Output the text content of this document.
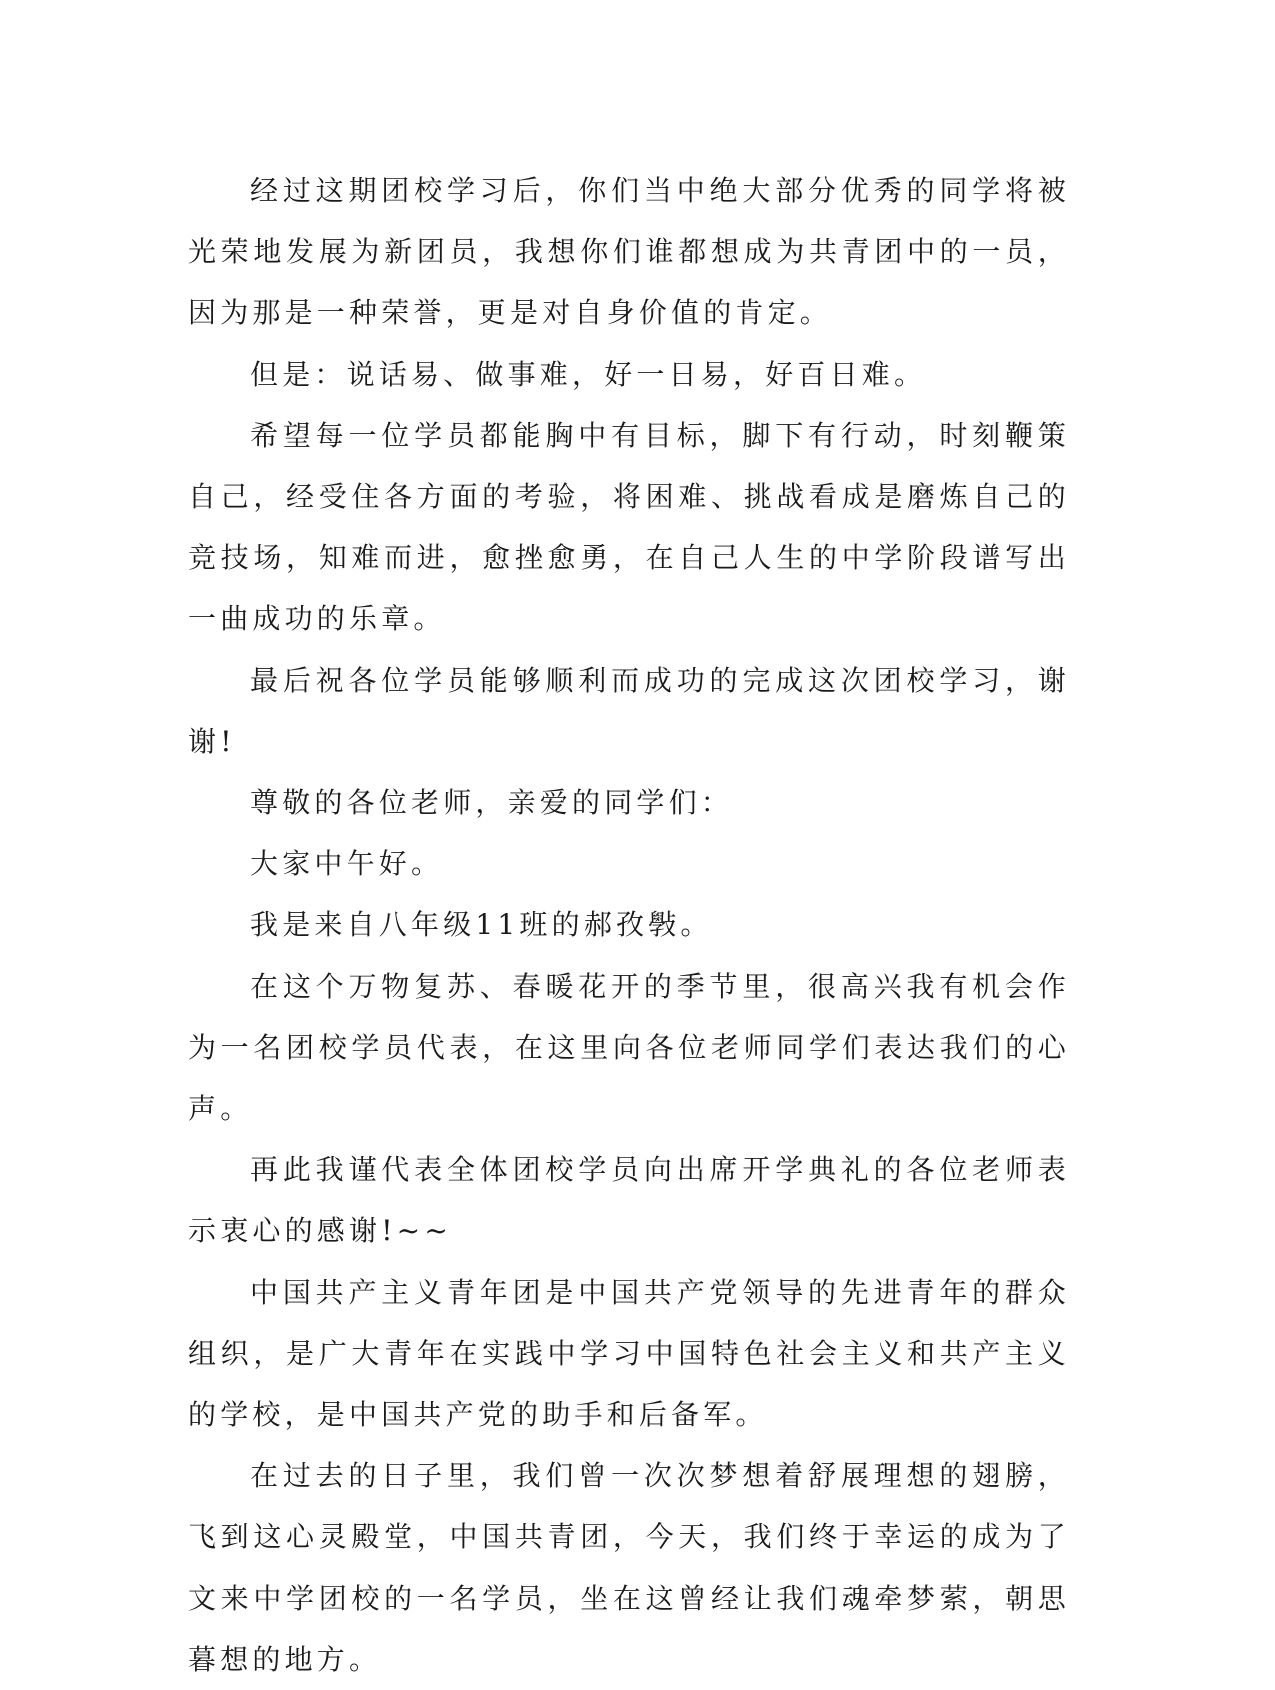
经过这期团校学习后，你们当中绝大部分优秀的同学将被光荣地发展为新团员，我想你们谁都想成为共青团中的一员，因为那是一种荣誉，更是对自身价值的肯定。

但是：说话易、做事难，好一日易，好百日难。

希望每一位学员都能胸中有目标，脚下有行动，时刻鞭策自己，经受住各方面的考验，将困难、挑战看成是磨炼自己的竞技场，知难而进，愈挫愈勇，在自己人生的中学阶段谱写出一曲成功的乐章。

最后祝各位学员能够顺利而成功的完成这次团校学习，谢谢!

尊敬的各位老师，亲爱的同学们：

大家中午好。

我是来自八年级11班的郝孜斅。

在这个万物复苏、春暖花开的季节里，很高兴我有机会作为一名团校学员代表，在这里向各位老师同学们表达我们的心声。

再此我谨代表全体团校学员向出席开学典礼的各位老师表示衷心的感谢!~~

中国共产主义青年团是中国共产党领导的先进青年的群众组织，是广大青年在实践中学习中国特色社会主义和共产主义的学校，是中国共产党的助手和后备军。

在过去的日子里，我们曾一次次梦想着舒展理想的翅膀，飞到这心灵殿堂，中国共青团，今天，我们终于幸运的成为了文来中学团校的一名学员，坐在这曾经让我们魂牵梦萦，朝思暮想的地方。
